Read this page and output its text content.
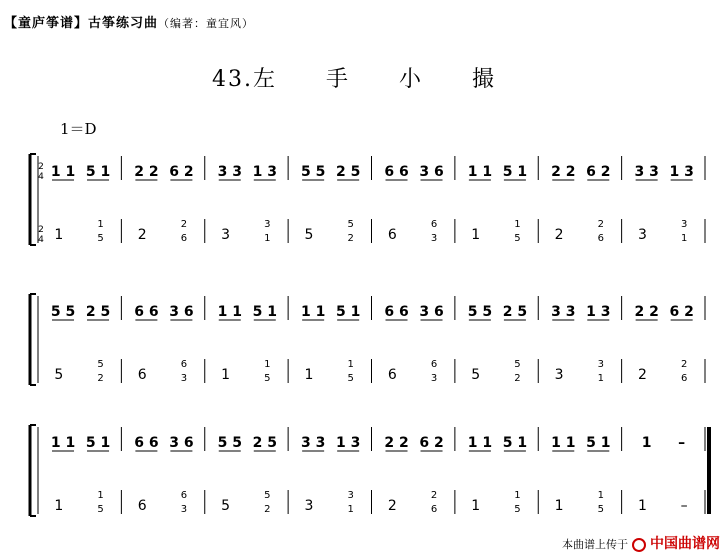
【童庐筝谱】古筝练习曲（编著：童宜风）
43.左 手 小 撮
1＝D
2
4
2
4
1 1 5 1
1
1
5
2 2 6 2
2
2
6
3 3 1 3
3
3
1
5 5 2 5
5
5
2
6 6 3 6
6
6
3
1 1 5 1
1
1
5
2 2 6 2
2
2
6
3 3 1 3
3
3
1
5 5 2 5
5
5
2
6 6 3 6
6
6
3
1 1 5 1
1
1
5
1 1 5 1
1
1
5
6 6 3 6
6
6
3
5 5 2 5
5
5
2
3 3 1 3
3
3
1
2 2 6 2
2
2
6
1 1 5 1
1
1
5
6 6 3 6
6
6
3
5 5 2 5
5
5
2
3 3 1 3
3
3
1
2 2 6 2
2
2
6
1 1 5 1
1
1
5
1 1 5 1
1
1
5
1 –
1 –
本曲谱上传于 中国曲谱网
